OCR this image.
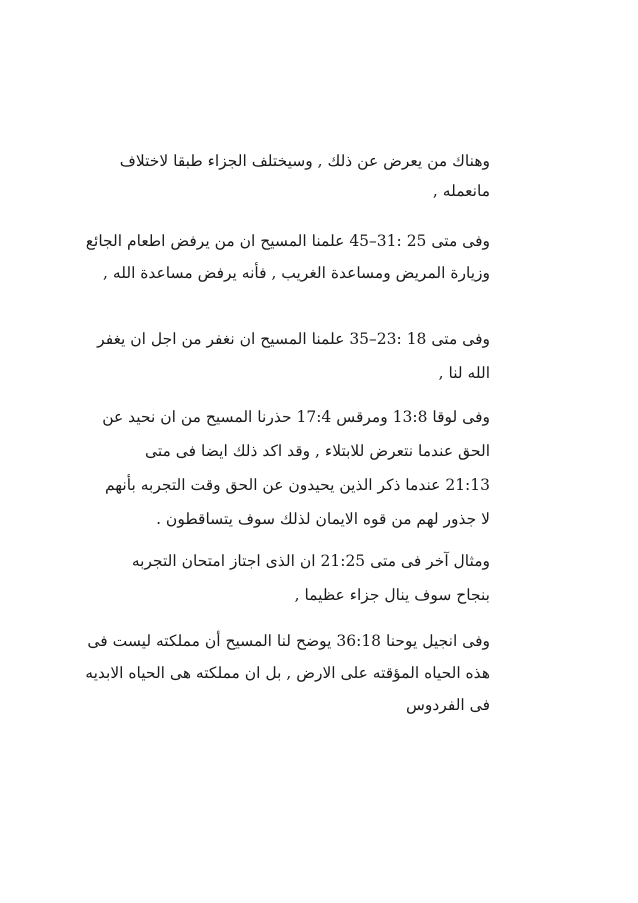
وهناك من يعرض عن ذلك , وسيختلف الجزاء طبقا لاختلاف
مانعمله ,
وفى متى 25 :31–45 علمنا المسيح ان من يرفض اطعام الجائع
وزيارة المريض ومساعدة الغريب , فأنه يرفض مساعدة الله ,
وفى متى 18 :23–35 علمنا المسيح ان نغفر من اجل ان يغفر
الله لنا ,
وفى لوقا 13:8 ومرقس 17:4 حذرنا المسيح من ان نحيد عن
الحق عندما نتعرض للابتلاء , وقد اكد ذلك ايضا فى متى
21:13 عندما ذكر الذين يحيدون عن الحق وقت التجربه بأنهم
لا جذور لهم من قوه الايمان لذلك سوف يتساقطون .
ومثال آخر فى متى 21:25 ان الذى اجتاز امتحان التجربه
بنجاح سوف ينال جزاء عظيما ,
وفى انجيل يوحنا 36:18 يوضح لنا المسيح أن مملكته ليست فى
هذه الحياه المؤقته على الارض , بل ان مملكته هى الحياه الابديه
فى الفردوس
